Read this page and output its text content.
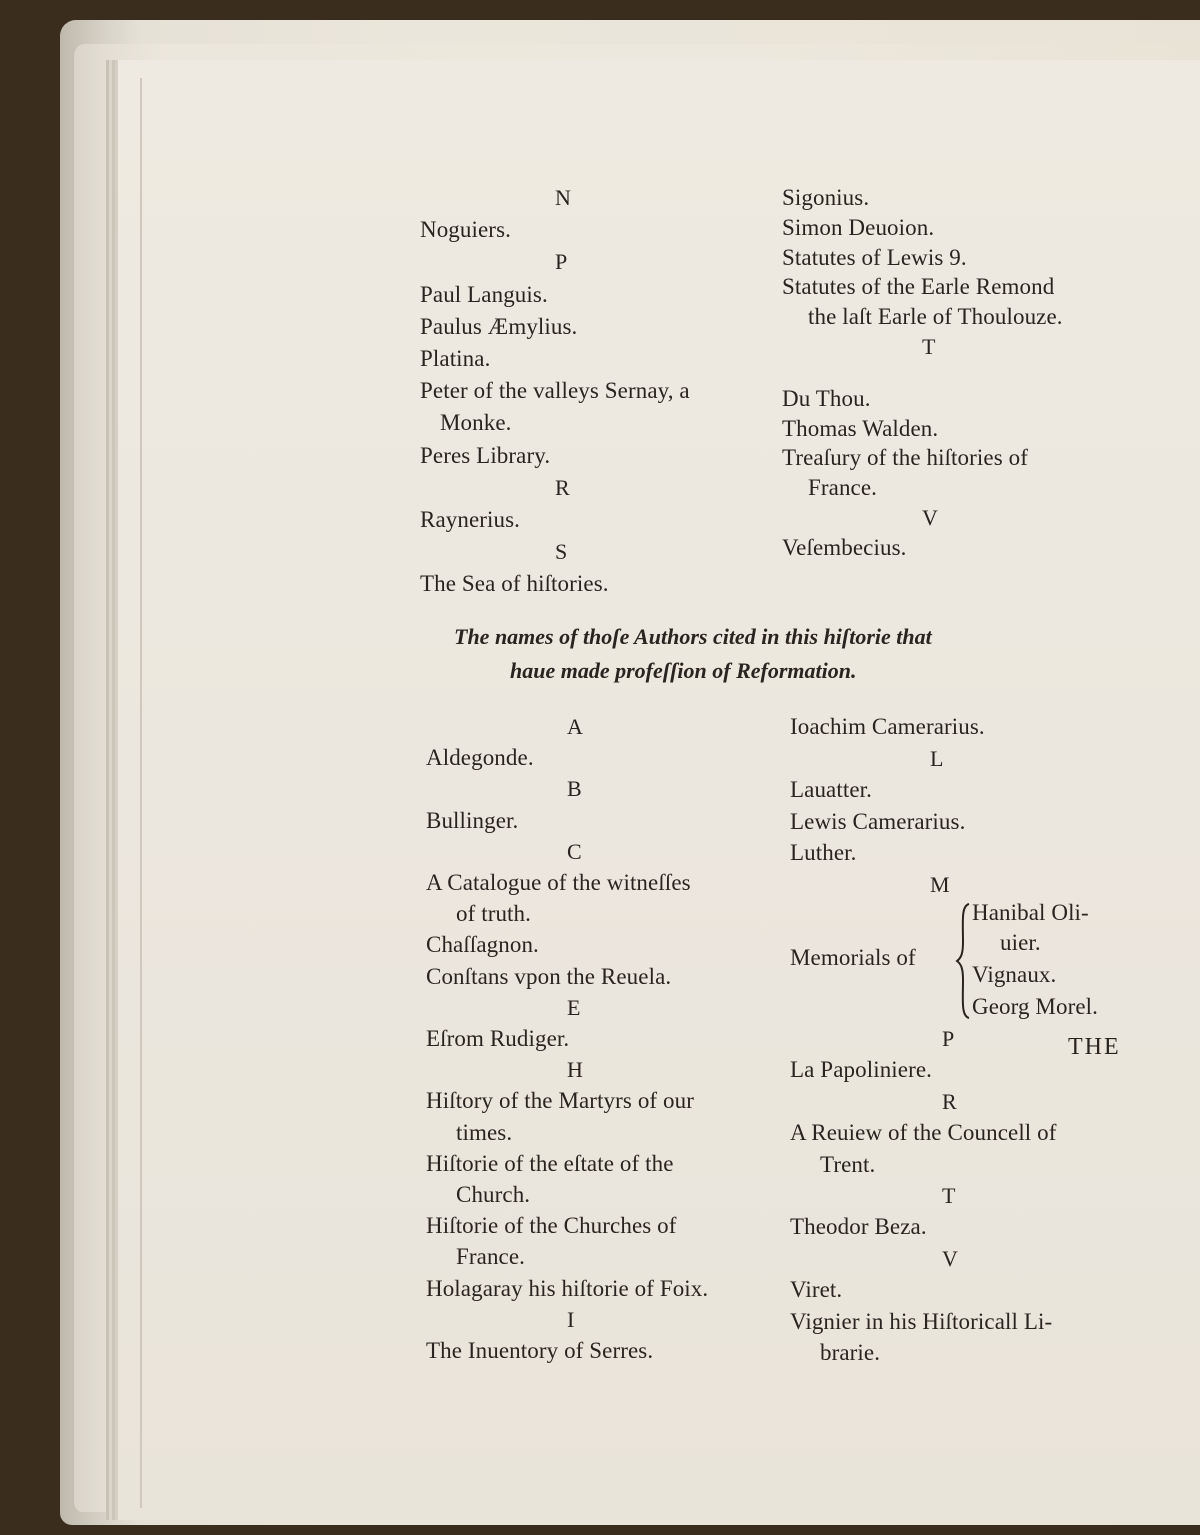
N
Noguiers.
P
Paul Languis.
Paulus Æmylius.
Platina.
Peter of the valleys Sernay, a
Monke.
Peres Library.
R
Raynerius.
S
The Sea of hiſtories.
Sigonius.
Simon Deuoion.
Statutes of Lewis 9.
Statutes of the Earle Remond
the laſt Earle of Thoulouze.
T
Du Thou.
Thomas Walden.
Treaſury of the hiſtories of
France.
V
Veſembecius.
A
Aldegonde.
B
Bullinger.
C
A Catalogue of the witneſſes
of truth.
Chaſſagnon.
Conſtans vpon the Reuela.
E
Eſrom Rudiger.
H
Hiſtory of the Martyrs of our
times.
Hiſtorie of the eſtate of the
Church.
Hiſtorie of the Churches of
France.
Holagaray his hiſtorie of Foix.
I
The Inuentory of Serres.
Ioachim Camerarius.
L
Lauatter.
Lewis Camerarius.
Luther.
M
P
La Papoliniere.
R
A Reuiew of the Councell of
Trent.
T
Theodor Beza.
V
Viret.
Vignier in his Hiſtoricall Li-
brarie.
The names of thoſe Authors cited in this hiſtorie that
haue made profeſſion of Reformation.
Memorials of
Hanibal Oli-
uier.
Vignaux.
Georg Morel.
THE
